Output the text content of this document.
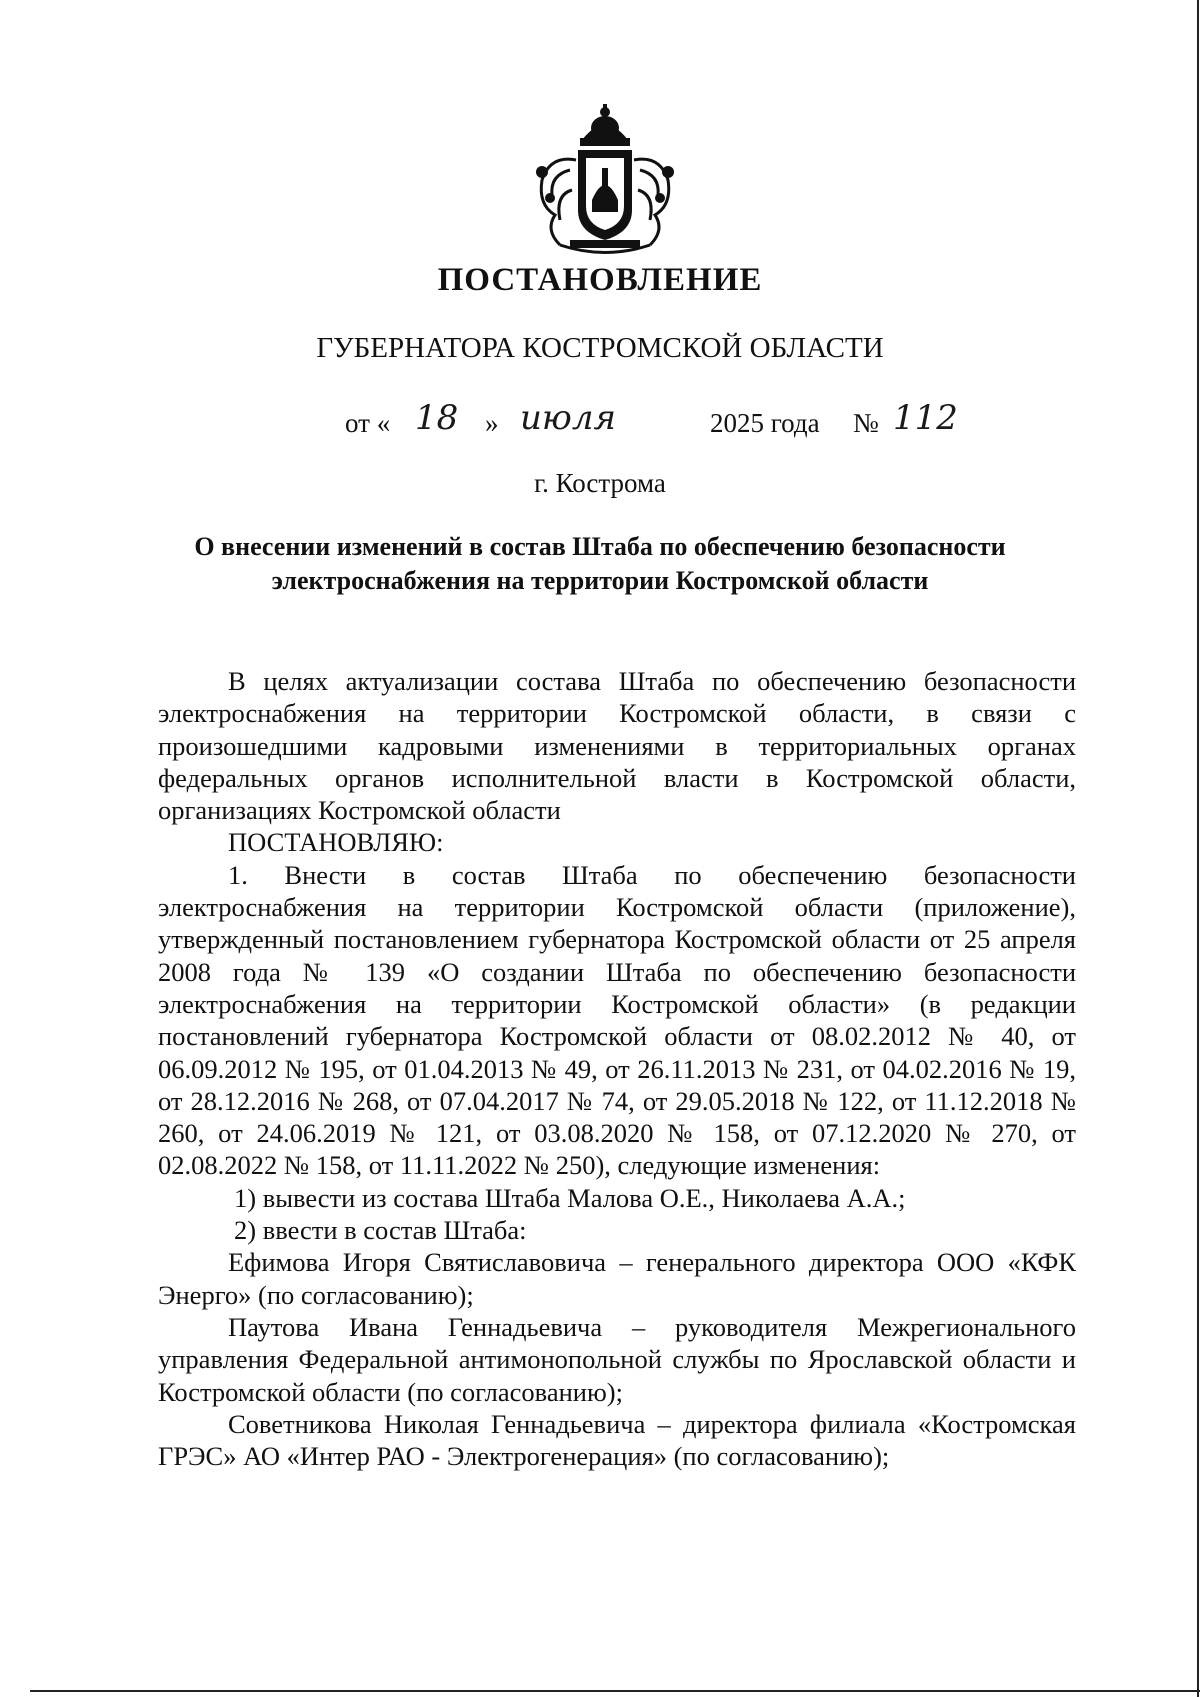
ПОСТАНОВЛЕНИЕ
ГУБЕРНАТОРА КОСТРОМСКОЙ ОБЛАСТИ
от « 18 » июля	2025 года № 112
г. Кострома
О внесении изменений в состав Штаба по обеспечению безопасности
электроснабжения на территории Костромской области

В целях актуализации состава Штаба по обеспечению безопасности электроснабжения на территории Костромской области, в связи с произошедшими кадровыми изменениями в территориальных органах федеральных органов исполнительной власти в Костромской области, организациях Костромской области

ПОСТАНОВЛЯЮ:

1. Внести в состав Штаба по обеспечению безопасности электроснабжения на территории Костромской области (приложение), утвержденный постановлением губернатора Костромской области от 25 апреля 2008 года № 139 «О создании Штаба по обеспечению безопасности электроснабжения на территории Костромской области» (в редакции постановлений губернатора Костромской области от 08.02.2012 № 40, от 06.09.2012 № 195, от 01.04.2013 № 49, от 26.11.2013 № 231, от 04.02.2016 № 19, от 28.12.2016 № 268, от 07.04.2017 № 74, от 29.05.2018 № 122, от 11.12.2018 № 260, от 24.06.2019 № 121, от 03.08.2020 № 158, от 07.12.2020 № 270, от 02.08.2022 № 158, от 11.11.2022 № 250), следующие изменения:

1) вывести из состава Штаба Малова О.Е., Николаева А.А.;

2) ввести в состав Штаба:

Ефимова Игоря Святиславовича – генерального директора ООО «КФК Энерго» (по согласованию);

Паутова Ивана Геннадьевича – руководителя Межрегионального управления Федеральной антимонопольной службы по Ярославской области и Костромской области (по согласованию);

Советникова Николая Геннадьевича – директора филиала «Костромская ГРЭС» АО «Интер РАО - Электрогенерация» (по согласованию);
